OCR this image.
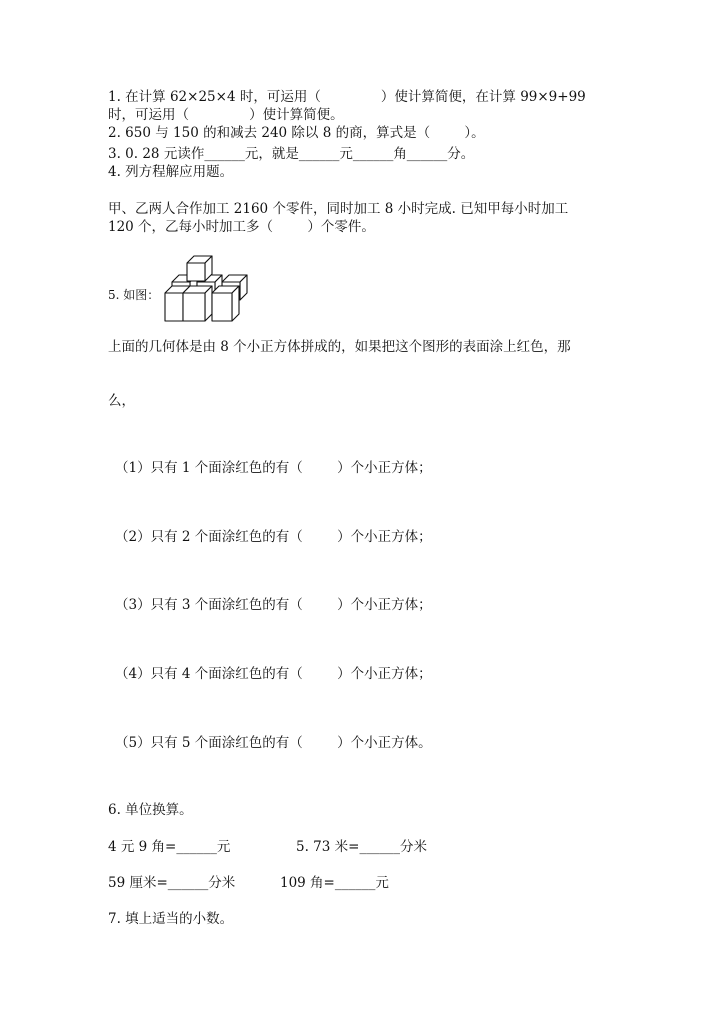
1. 在计算 62×25×4 时，可运用（              ）使计算简便，在计算 99×9+99
时，可运用（              ）使计算简便。
2. 650 与 150 的和减去 240 除以 8 的商，算式是（        ）。
3. 0. 28 元读作______元，就是______元______角______分。
4. 列方程解应用题。
甲、乙两人合作加工 2160 个零件，同时加工 8 小时完成. 已知甲每小时加工
120 个，乙每小时加工多（        ）个零件。
5. 如图：
上面的几何体是由 8 个小正方体拼成的，如果把这个图形的表面涂上红色，那
么，
（1）只有 1 个面涂红色的有（        ）个小正方体；
（2）只有 2 个面涂红色的有（        ）个小正方体；
（3）只有 3 个面涂红色的有（        ）个小正方体；
（4）只有 4 个面涂红色的有（        ）个小正方体；
（5）只有 5 个面涂红色的有（        ）个小正方体。
6. 单位换算。
4 元 9 角=______元	5. 73 米=______分米
59 厘米=______分米	109 角=______元
7. 填上适当的小数。
